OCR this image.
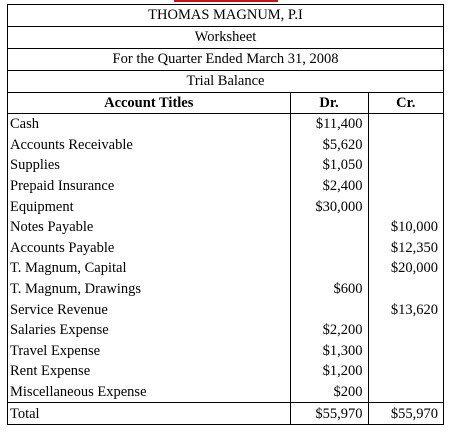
THOMAS MAGNUM, P.I
Worksheet
For the Quarter Ended March 31, 2008
Trial Balance
Account Titles	Dr.	Cr.
Cash	$11,400	
Accounts Receivable	$5,620	
Supplies	$1,050	
Prepaid Insurance	$2,400	
Equipment	$30,000	
Notes Payable		$10,000
Accounts Payable		$12,350
T. Magnum, Capital		$20,000
T. Magnum, Drawings	$600	
Service Revenue		$13,620
Salaries Expense	$2,200	
Travel Expense	$1,300	
Rent Expense	$1,200	
Miscellaneous Expense	$200	
Total	$55,970	$55,970
